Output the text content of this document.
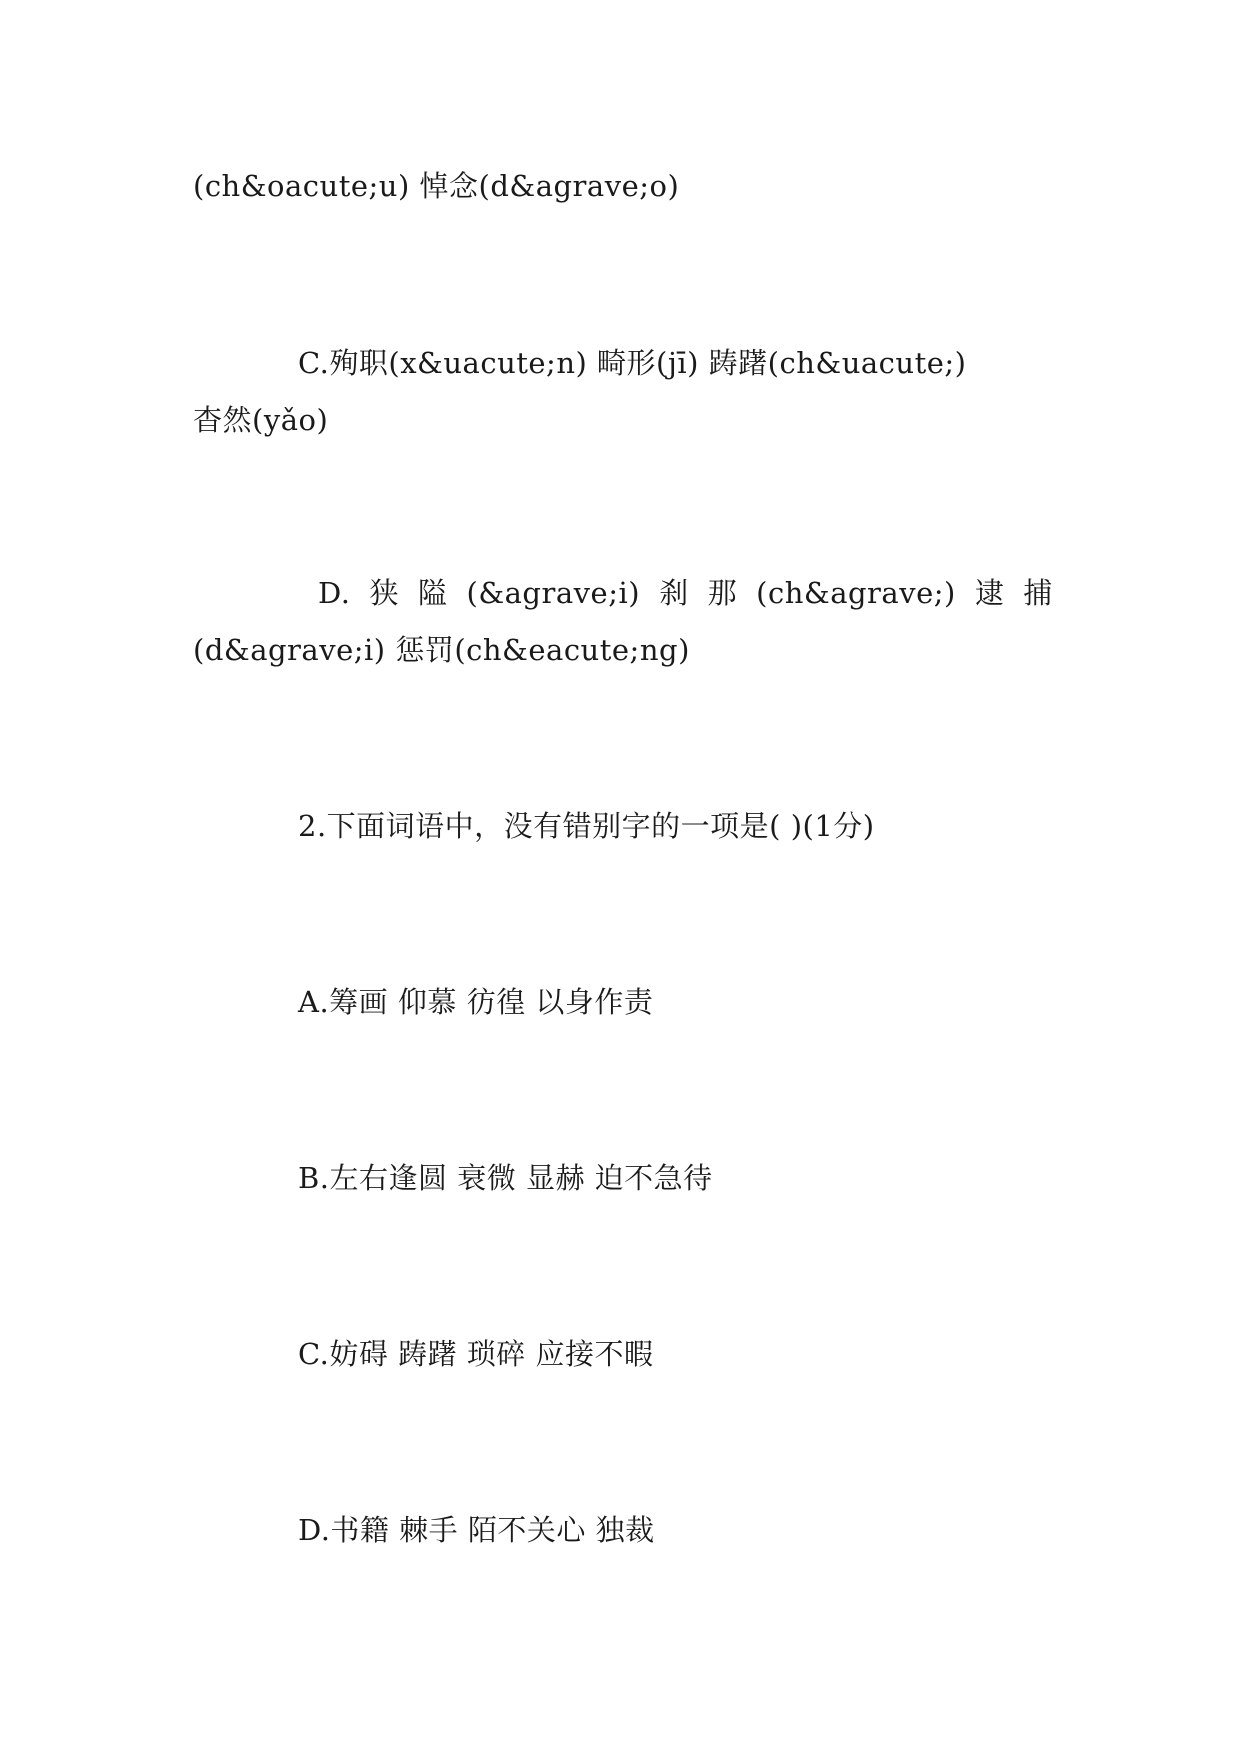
(ch&oacute;u) 悼念(d&agrave;o)
C.殉职(x&uacute;n) 畸形(jī) 踌躇(ch&uacute;)
杳然(yǎo)
D. 狭 隘 (&agrave;i) 刹 那 (ch&agrave;) 逮 捕
(d&agrave;i) 惩罚(ch&eacute;ng)
2.下面词语中，没有错别字的一项是( )(1分)
A.筹画 仰慕 彷徨 以身作责
B.左右逢圆 衰微 显赫 迫不急待
C.妨碍 踌躇 琐碎 应接不暇
D.书籍 棘手 陌不关心 独裁
